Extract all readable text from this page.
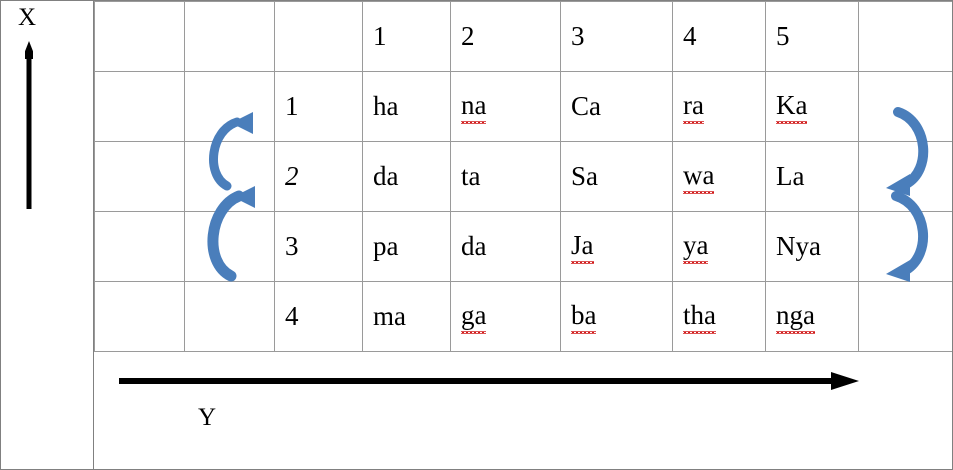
X
Y
			1	2	3	4	5	
		1	ha	na	Ca	ra	Ka	
		2	da	ta	Sa	wa	La	
		3	pa	da	Ja	ya	Nya	
		4	ma	ga	ba	tha	nga	
